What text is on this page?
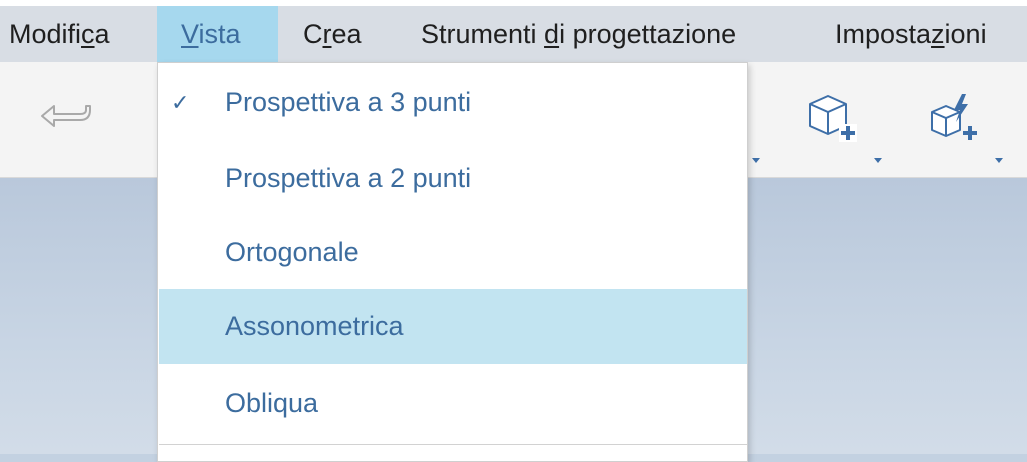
Modifica	Vista	Crea	Strumenti di progettazione	Impostazioni
✓ Prospettiva a 3 punti
Prospettiva a 2 punti
Ortogonale
Assonometrica
Obliqua
